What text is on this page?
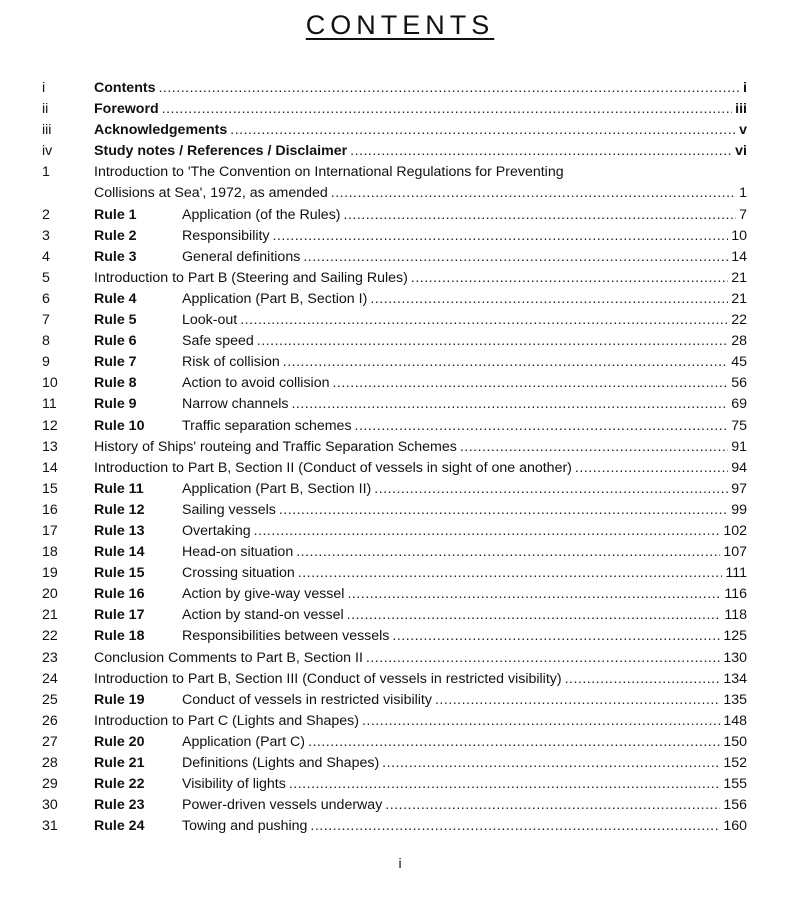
CONTENTS
i	Contents .....	i
ii	Foreword .....	iii
iii	Acknowledgements .....	v
iv	Study notes / References / Disclaimer .....	vi
1	Introduction to 'The Convention on International Regulations for Preventing
Collisions at Sea', 1972, as amended .....	1
2	Rule 1	Application (of the Rules) .....	7
3	Rule 2	Responsibility .....	10
4	Rule 3	General definitions .....	14
5	Introduction to Part B (Steering and Sailing Rules) .....	21
6	Rule 4	Application (Part B, Section I) .....	21
7	Rule 5	Look-out .....	22
8	Rule 6	Safe speed .....	28
9	Rule 7	Risk of collision .....	45
10	Rule 8	Action to avoid collision .....	56
11	Rule 9	Narrow channels .....	69
12	Rule 10	Traffic separation schemes .....	75
13	History of Ships' routeing and Traffic Separation Schemes .....	91
14	Introduction to Part B, Section II (Conduct of vessels in sight of one another) .....	94
15	Rule 11	Application (Part B, Section II) .....	97
16	Rule 12	Sailing vessels .....	99
17	Rule 13	Overtaking .....	102
18	Rule 14	Head-on situation .....	107
19	Rule 15	Crossing situation .....	111
20	Rule 16	Action by give-way vessel .....	116
21	Rule 17	Action by stand-on vessel .....	118
22	Rule 18	Responsibilities between vessels .....	125
23	Conclusion Comments to Part B, Section II .....	130
24	Introduction to Part B, Section III (Conduct of vessels in restricted visibility) .....	134
25	Rule 19	Conduct of vessels in restricted visibility .....	135
26	Introduction to Part C (Lights and Shapes) .....	148
27	Rule 20	Application (Part C) .....	150
28	Rule 21	Definitions (Lights and Shapes) .....	152
29	Rule 22	Visibility of lights .....	155
30	Rule 23	Power-driven vessels underway .....	156
31	Rule 24	Towing and pushing .....	160
i
